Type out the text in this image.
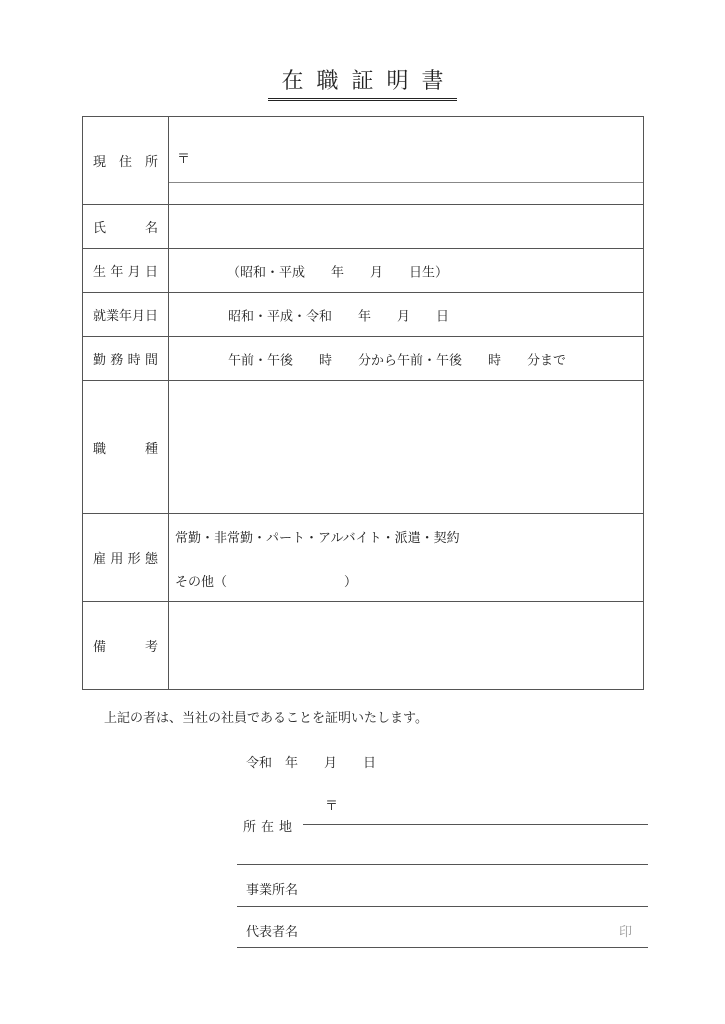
在職証明書
現 住 所	〒

氏 名	

生 年 月 日	（昭和・平成　　年　　月　　日生）

就業年月日	昭和・平成・令和　　年　　月　　日

勤 務 時 間	午前・午後　　時　　分から午前・午後　　時　　分まで

職 種	

雇 用 形 態	常勤・非常勤・パート・アルバイト・派遣・契約
その他（　　　　　　　　　）

備 考	

上記の者は、当社の社員であることを証明いたします。
令和　年　　月　　日
〒
所在地
事業所名
代表者名	印
